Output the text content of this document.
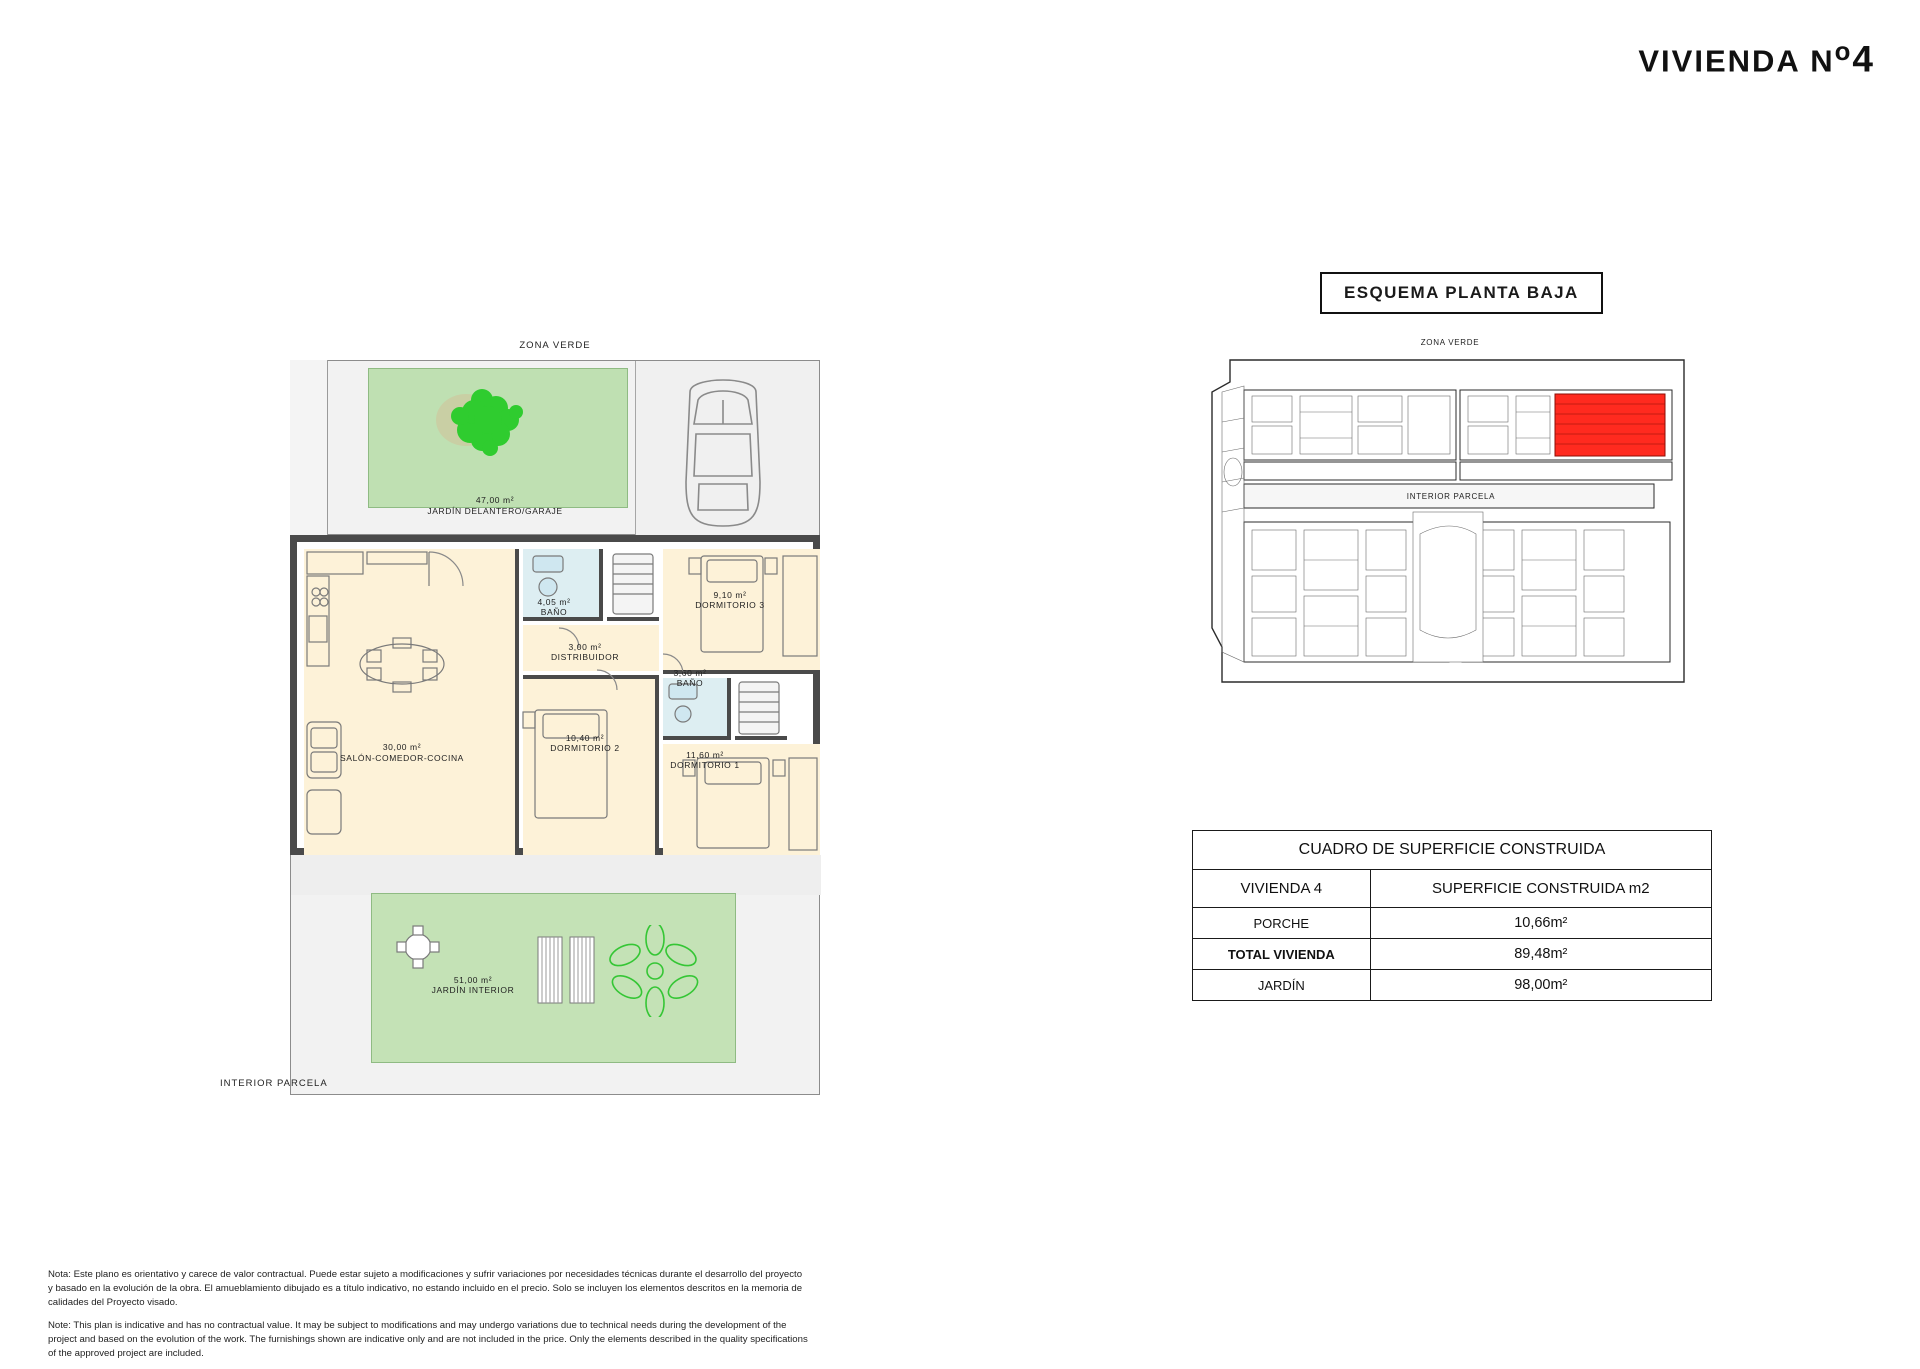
VIVIENDA $N^o4$
ZONA VERDE
47,00 m²
JARDÍN DELANTERO/GARAJE
4,05 m²
BAÑO
9,10 m²
DORMITORIO 3
3,00 m²
DISTRIBUIDOR
30,00 m²
SALÓN-COMEDOR-COCINA
10,40 m²
DORMITORIO 2
3,60 m²
BAÑO
11,60 m²
DORMITORIO 1
51,00 m²
JARDÍN INTERIOR
INTERIOR PARCELA
ESQUEMA PLANTA BAJA
ZONA VERDE
INTERIOR PARCELA
CUADRO DE SUPERFICIE CONSTRUIDA	
VIVIENDA 4	SUPERFICIE CONSTRUIDA m2
PORCHE	10,66m²
TOTAL VIVIENDA	89,48m²
JARDÍN	98,00m²

Nota: Este plano es orientativo y carece de valor contractual. Puede estar sujeto a modificaciones y sufrir variaciones por necesidades técnicas durante el desarrollo del proyecto y basado en la evolución de la obra. El amueblamiento dibujado es a título indicativo, no estando incluido en el precio. Solo se incluyen los elementos descritos en la memoria de calidades del Proyecto visado.

Note: This plan is indicative and has no contractual value. It may be subject to modifications and may undergo variations due to technical needs during the development of the project and based on the evolution of the work. The furnishings shown are indicative only and are not included in the price. Only the elements described in the quality specifications of the approved project are included.
